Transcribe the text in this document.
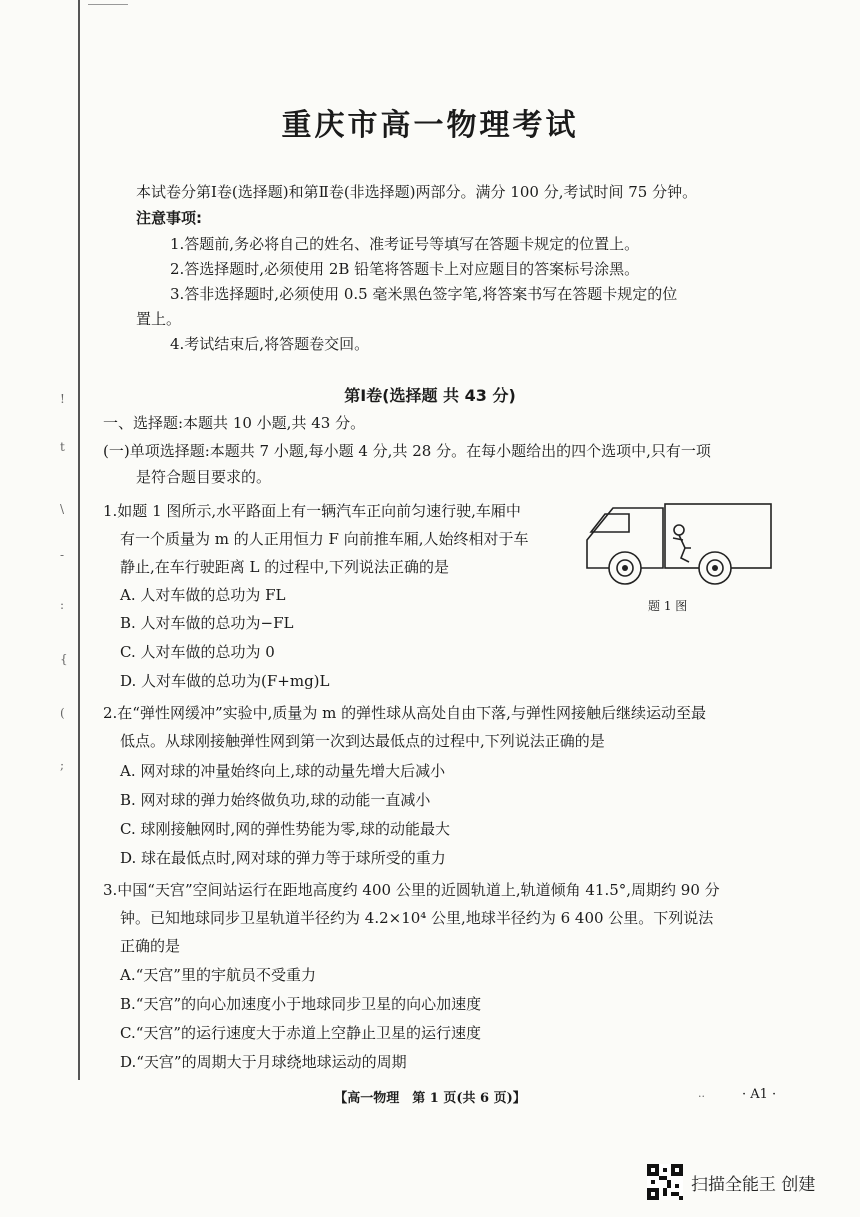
!
t
\
-
:
{
(
;
重庆市高一物理考试
本试卷分第Ⅰ卷(选择题)和第Ⅱ卷(非选择题)两部分。满分 100 分,考试时间 75 分钟。
注意事项:
1.答题前,务必将自己的姓名、准考证号等填写在答题卡规定的位置上。
2.答选择题时,必须使用 2B 铅笔将答题卡上对应题目的答案标号涂黑。
3.答非选择题时,必须使用 0.5 毫米黑色签字笔,将答案书写在答题卡规定的位
置上。
4.考试结束后,将答题卷交回。
第Ⅰ卷(选择题 共 43 分)
一、选择题:本题共 10 小题,共 43 分。
(一)单项选择题:本题共 7 小题,每小题 4 分,共 28 分。在每小题给出的四个选项中,只有一项
是符合题目要求的。
1.如题 1 图所示,水平路面上有一辆汽车正向前匀速行驶,车厢中
有一个质量为 m 的人正用恒力 F 向前推车厢,人始终相对于车
静止,在车行驶距离 L 的过程中,下列说法正确的是
A. 人对车做的总功为 FL
B. 人对车做的总功为−FL
C. 人对车做的总功为 0
D. 人对车做的总功为(F+mg)L
题 1 图
2.在“弹性网缓冲”实验中,质量为 m 的弹性球从高处自由下落,与弹性网接触后继续运动至最
低点。从球刚接触弹性网到第一次到达最低点的过程中,下列说法正确的是
A. 网对球的冲量始终向上,球的动量先增大后减小
B. 网对球的弹力始终做负功,球的动能一直减小
C. 球刚接触网时,网的弹性势能为零,球的动能最大
D. 球在最低点时,网对球的弹力等于球所受的重力
3.中国“天宫”空间站运行在距地高度约 400 公里的近圆轨道上,轨道倾角 41.5°,周期约 90 分
钟。已知地球同步卫星轨道半径约为 4.2×10⁴ 公里,地球半径约为 6 400 公里。下列说法
正确的是
A.“天宫”里的宇航员不受重力
B.“天宫”的向心加速度小于地球同步卫星的向心加速度
C.“天宫”的运行速度大于赤道上空静止卫星的运行速度
D.“天宫”的周期大于月球绕地球运动的周期
【高一物理　第 1 页(共 6 页)】	··	· A1 ·
扫描全能王 创建
